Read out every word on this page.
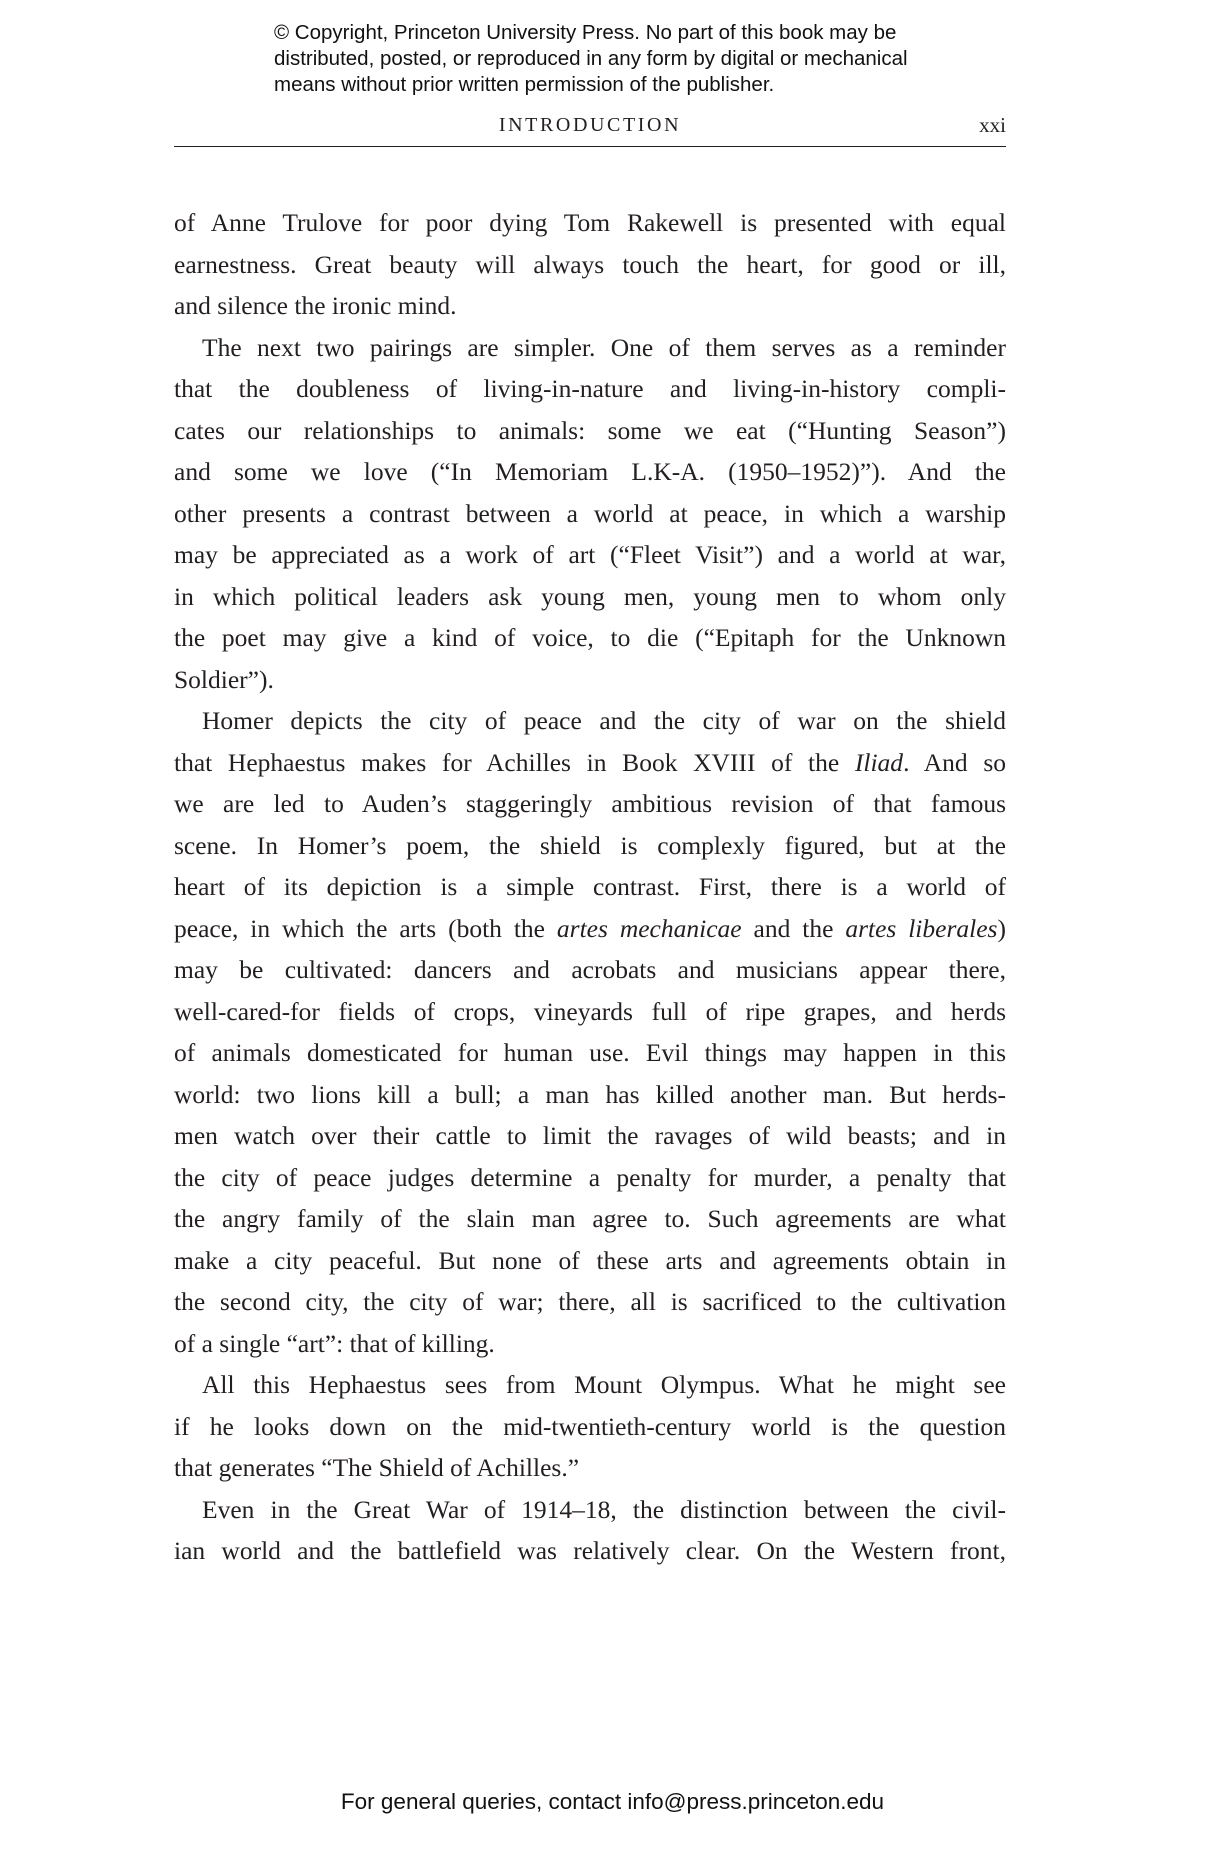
© Copyright, Princeton University Press. No part of this book may be
distributed, posted, or reproduced in any form by digital or mechanical
means without prior written permission of the publisher.
INTRODUCTION	xxi
of Anne Trulove for poor dying Tom Rakewell is presented with equal
earnestness. Great beauty will always touch the heart, for good or ill,
and silence the ironic mind.
The next two pairings are simpler. One of them serves as a reminder
that the doubleness of living-in-nature and living-in-history compli-
cates our relationships to animals: some we eat (“Hunting Season”)
and some we love (“In Memoriam L.K-A. (1950–1952)”). And the
other presents a contrast between a world at peace, in which a warship
may be appreciated as a work of art (“Fleet Visit”) and a world at war,
in which political leaders ask young men, young men to whom only
the poet may give a kind of voice, to die (“Epitaph for the Unknown
Soldier”).
Homer depicts the city of peace and the city of war on the shield
that Hephaestus makes for Achilles in Book XVIII of the Iliad. And so
we are led to Auden’s staggeringly ambitious revision of that famous
scene. In Homer’s poem, the shield is complexly figured, but at the
heart of its depiction is a simple contrast. First, there is a world of
peace, in which the arts (both the artes mechanicae and the artes liberales)
may be cultivated: dancers and acrobats and musicians appear there,
well-cared-for fields of crops, vineyards full of ripe grapes, and herds
of animals domesticated for human use. Evil things may happen in this
world: two lions kill a bull; a man has killed another man. But herds-
men watch over their cattle to limit the ravages of wild beasts; and in
the city of peace judges determine a penalty for murder, a penalty that
the angry family of the slain man agree to. Such agreements are what
make a city peaceful. But none of these arts and agreements obtain in
the second city, the city of war; there, all is sacrificed to the cultivation
of a single “art”: that of killing.
All this Hephaestus sees from Mount Olympus. What he might see
if he looks down on the mid-twentieth-century world is the question
that generates “The Shield of Achilles.”
Even in the Great War of 1914–18, the distinction between the civil-
ian world and the battlefield was relatively clear. On the Western front,
For general queries, contact info@press.princeton.edu
